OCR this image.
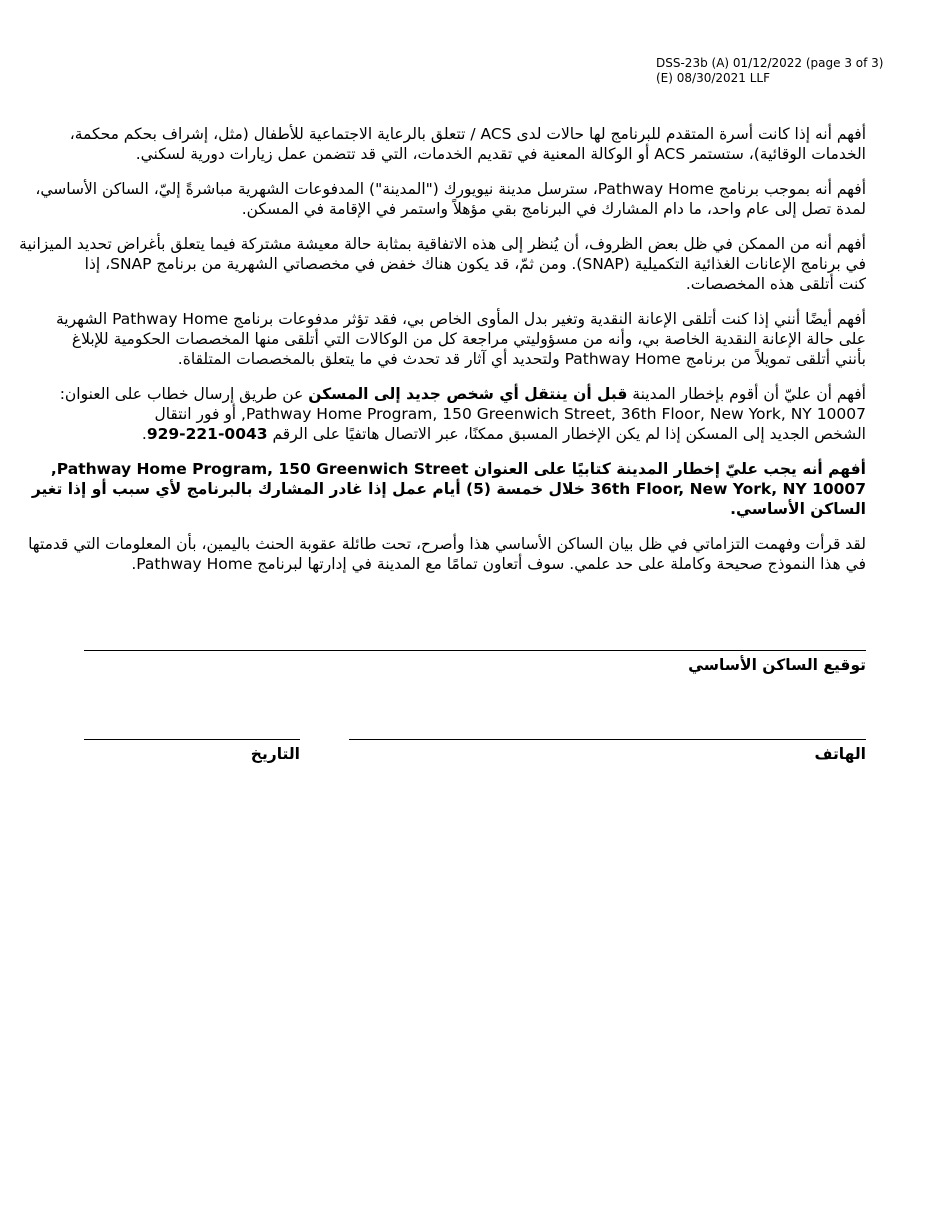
DSS-23b (A) 01/12/2022 (page 3 of 3)
(E) 08/30/2021 LLF
أفهم أنه إذا كانت أسرة المتقدم للبرنامج لها حالات لدى ACS / تتعلق بالرعاية الاجتماعية للأطفال (مثل، إشراف بحكم محكمة،
الخدمات الوقائية)، ستستمر ACS أو الوكالة المعنية في تقديم الخدمات، التي قد تتضمن عمل زيارات دورية لسكني.
أفهم أنه بموجب برنامج Pathway Home، سترسل مدينة نيويورك ("المدينة") المدفوعات الشهرية مباشرةً إليّ، الساكن الأساسي،
لمدة تصل إلى عام واحد، ما دام المشارك في البرنامج بقي مؤهلاً واستمر في الإقامة في المسكن.
أفهم أنه من الممكن في ظل بعض الظروف، أن يُنظر إلى هذه الاتفاقية بمثابة حالة معيشة مشتركة فيما يتعلق بأغراض تحديد الميزانية
في برنامج الإعانات الغذائية التكميلية (SNAP). ومن ثمّ، قد يكون هناك خفض في مخصصاتي الشهرية من برنامج SNAP، إذا
كنت أتلقى هذه المخصصات.
أفهم أيضًا أنني إذا كنت أتلقى الإعانة النقدية وتغير بدل المأوى الخاص بي، فقد تؤثر مدفوعات برنامج Pathway Home الشهرية
على حالة الإعانة النقدية الخاصة بي، وأنه من مسؤوليتي مراجعة كل من الوكالات التي أتلقى منها المخصصات الحكومية للإبلاغ
بأنني أتلقى تمويلاً من برنامج Pathway Home ولتحديد أي آثار قد تحدث في ما يتعلق بالمخصصات المتلقاة.
أفهم أن عليّ أن أقوم بإخطار المدينة قبل أن ينتقل أي شخص جديد إلى المسكن عن طريق إرسال خطاب على العنوان:
Pathway Home Program, 150 Greenwich Street, 36th Floor, New York, NY 10007, أو فور انتقال
الشخص الجديد إلى المسكن إذا لم يكن الإخطار المسبق ممكنًا، عبر الاتصال هاتفيًا على الرقم 929-221-0043.
أفهم أنه يجب عليّ إخطار المدينة كتابيًا على العنوان Pathway Home Program, 150 Greenwich Street,
36th Floor, New York, NY 10007 خلال خمسة (5) أيام عمل إذا غادر المشارك بالبرنامج لأي سبب أو إذا تغير
الساكن الأساسي.
لقد قرأت وفهمت التزاماتي في ظل بيان الساكن الأساسي هذا وأصرح، تحت طائلة عقوبة الحنث باليمين، بأن المعلومات التي قدمتها
في هذا النموذج صحيحة وكاملة على حد علمي. سوف أتعاون تمامًا مع المدينة في إدارتها لبرنامج Pathway Home.
توقيع الساكن الأساسي
الهاتف
التاريخ
